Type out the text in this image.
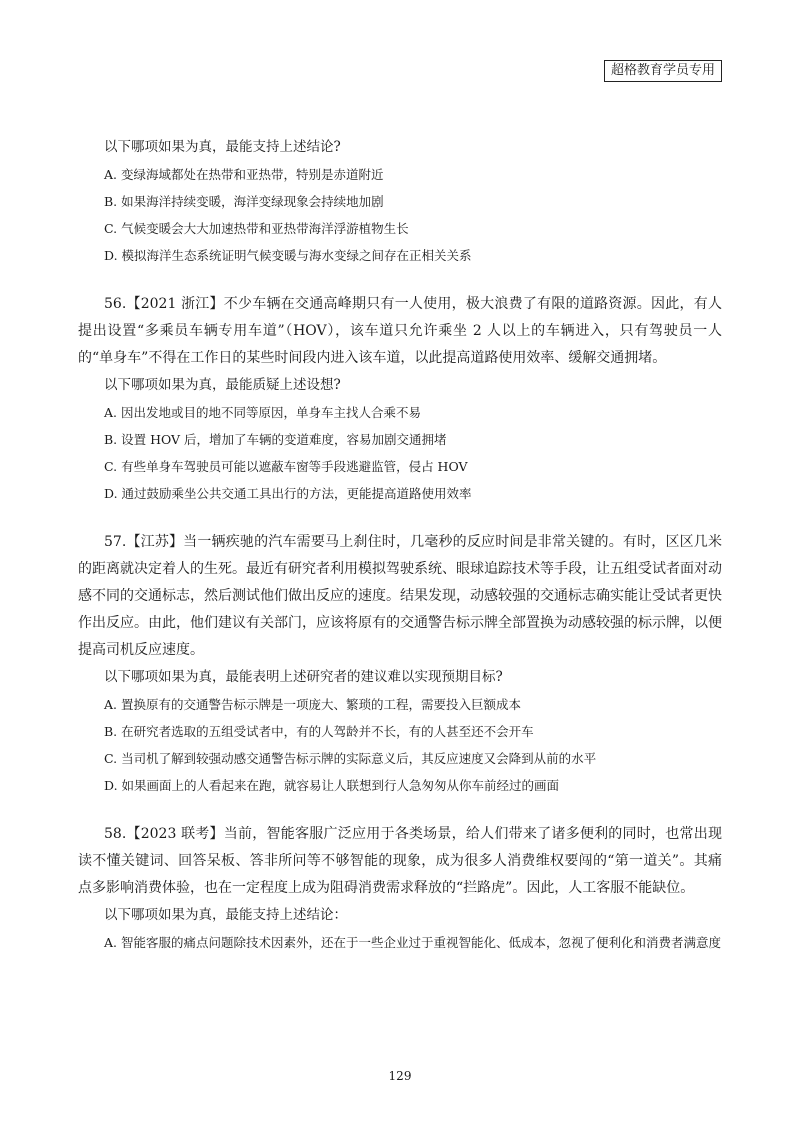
超格教育学员专用
以下哪项如果为真，最能支持上述结论?
A. 变绿海域都处在热带和亚热带，特别是赤道附近
B. 如果海洋持续变暖，海洋变绿现象会持续地加剧
C. 气候变暖会大大加速热带和亚热带海洋浮游植物生长
D. 模拟海洋生态系统证明气候变暖与海水变绿之间存在正相关关系

56.【2021 浙江】不少车辆在交通高峰期只有一人使用，极大浪费了有限的道路资源。因此，有人提出设置“多乘员车辆专用车道”（HOV），该车道只允许乘坐 2 人以上的车辆进入，只有驾驶员一人的“单身车”不得在工作日的某些时间段内进入该车道，以此提高道路使用效率、缓解交通拥堵。

以下哪项如果为真，最能质疑上述设想?
A. 因出发地或目的地不同等原因，单身车主找人合乘不易
B. 设置 HOV 后，增加了车辆的变道难度，容易加剧交通拥堵
C. 有些单身车驾驶员可能以遮蔽车窗等手段逃避监管，侵占 HOV
D. 通过鼓励乘坐公共交通工具出行的方法，更能提高道路使用效率

57.【江苏】当一辆疾驰的汽车需要马上刹住时，几毫秒的反应时间是非常关键的。有时，区区几米的距离就决定着人的生死。最近有研究者利用模拟驾驶系统、眼球追踪技术等手段，让五组受试者面对动感不同的交通标志，然后测试他们做出反应的速度。结果发现，动感较强的交通标志确实能让受试者更快作出反应。由此，他们建议有关部门，应该将原有的交通警告标示牌全部置换为动感较强的标示牌，以便提高司机反应速度。

以下哪项如果为真，最能表明上述研究者的建议难以实现预期目标?
A. 置换原有的交通警告标示牌是一项庞大、繁琐的工程，需要投入巨额成本
B. 在研究者选取的五组受试者中，有的人驾龄并不长，有的人甚至还不会开车
C. 当司机了解到较强动感交通警告标示牌的实际意义后，其反应速度又会降到从前的水平
D. 如果画面上的人看起来在跑，就容易让人联想到行人急匆匆从你车前经过的画面

58.【2023 联考】当前，智能客服广泛应用于各类场景，给人们带来了诸多便利的同时，也常出现读不懂关键词、回答呆板、答非所问等不够智能的现象，成为很多人消费维权要闯的“第一道关”。其痛点多影响消费体验，也在一定程度上成为阻碍消费需求释放的“拦路虎”。因此，人工客服不能缺位。

以下哪项如果为真，最能支持上述结论：

A. 智能客服的痛点问题除技术因素外，还在于一些企业过于重视智能化、低成本，忽视了便利化和消费者满意度

129
